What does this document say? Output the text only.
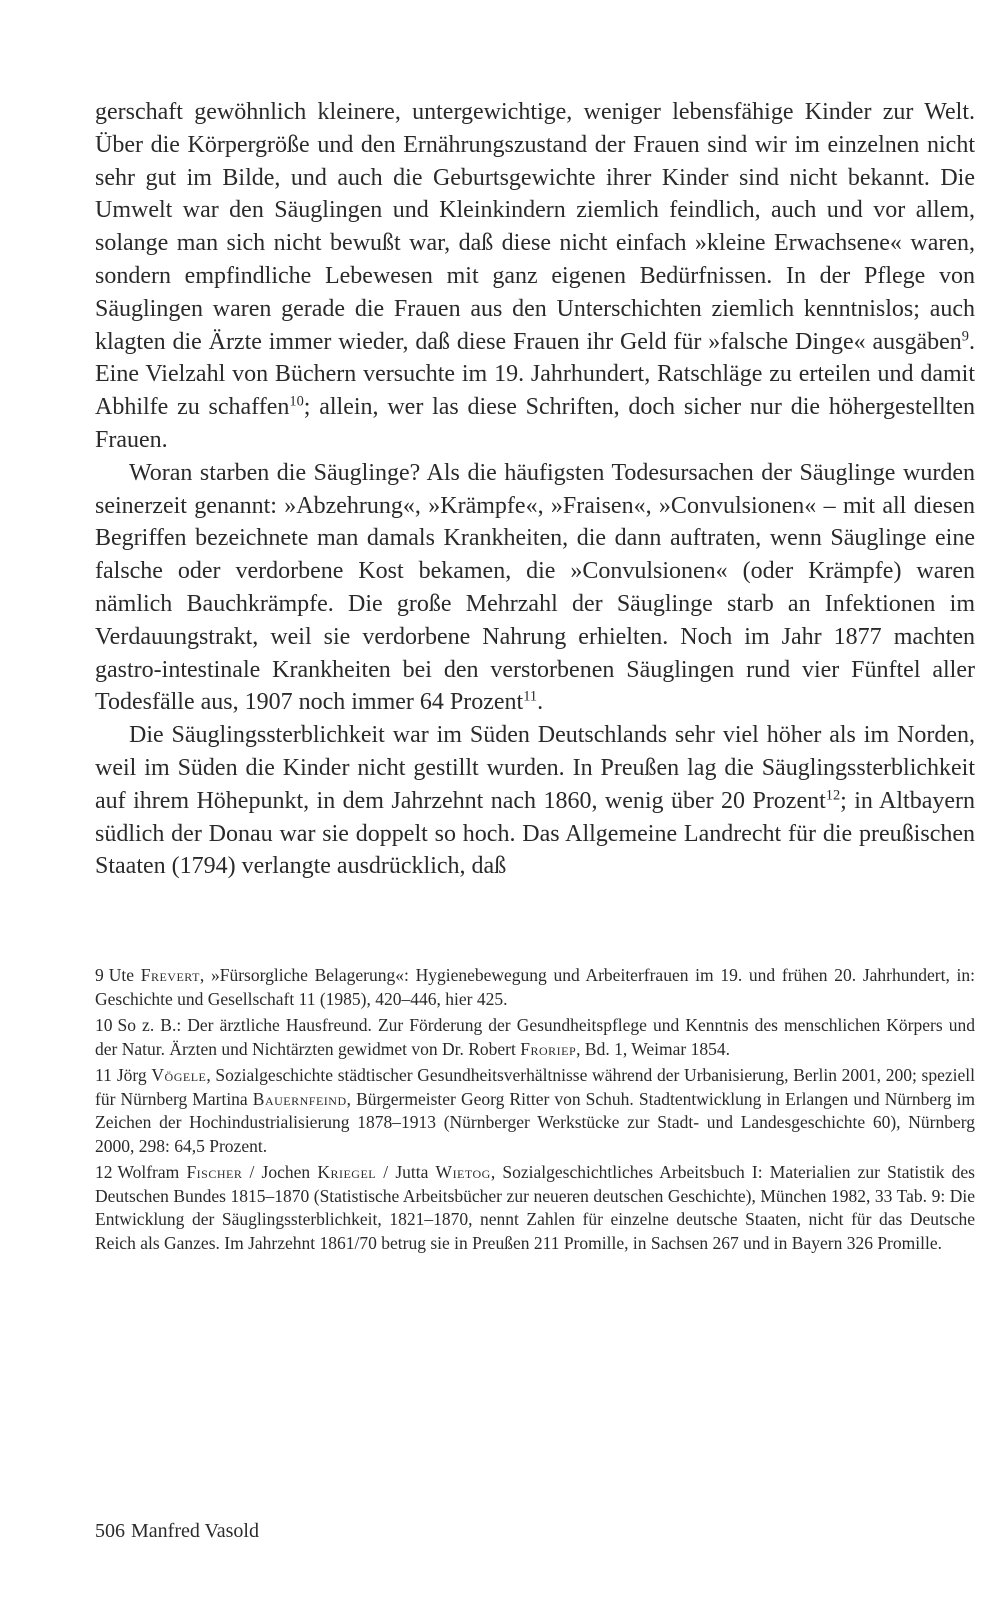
gerschaft gewöhnlich kleinere, untergewichtige, weniger lebensfähige Kinder zur Welt. Über die Körpergröße und den Ernährungszustand der Frauen sind wir im einzelnen nicht sehr gut im Bilde, und auch die Geburtsgewichte ihrer Kinder sind nicht bekannt. Die Umwelt war den Säuglingen und Kleinkindern ziemlich feindlich, auch und vor allem, solange man sich nicht bewußt war, daß diese nicht einfach »kleine Erwachsene« waren, sondern empfindliche Lebewesen mit ganz eigenen Bedürfnissen. In der Pflege von Säuglingen waren gerade die Frauen aus den Unterschichten ziemlich kenntnislos; auch klagten die Ärzte immer wieder, daß diese Frauen ihr Geld für »falsche Dinge« ausgäben$^9$. Eine Vielzahl von Büchern versuchte im 19. Jahrhundert, Ratschläge zu erteilen und damit Abhilfe zu schaffen$^{10}$; allein, wer las diese Schriften, doch sicher nur die höhergestellten Frauen.

Woran starben die Säuglinge? Als die häufigsten Todesursachen der Säuglinge wurden seinerzeit genannt: »Abzehrung«, »Krämpfe«, »Fraisen«, »Convulsionen« – mit all diesen Begriffen bezeichnete man damals Krankheiten, die dann auftraten, wenn Säuglinge eine falsche oder verdorbene Kost bekamen, die »Convulsionen« (oder Krämpfe) waren nämlich Bauchkrämpfe. Die große Mehrzahl der Säuglinge starb an Infektionen im Verdauungstrakt, weil sie verdorbene Nahrung erhielten. Noch im Jahr 1877 machten gastro-intestinale Krankheiten bei den verstorbenen Säuglingen rund vier Fünftel aller Todesfälle aus, 1907 noch immer 64 Prozent$^{11}$.

Die Säuglingssterblichkeit war im Süden Deutschlands sehr viel höher als im Norden, weil im Süden die Kinder nicht gestillt wurden. In Preußen lag die Säuglingssterblichkeit auf ihrem Höhepunkt, in dem Jahrzehnt nach 1860, wenig über 20 Prozent$^{12}$; in Altbayern südlich der Donau war sie doppelt so hoch. Das Allgemeine Landrecht für die preußischen Staaten (1794) verlangte ausdrücklich, daß

9 Ute Frevert, »Fürsorgliche Belagerung«: Hygienebewegung und Arbeiterfrauen im 19. und frühen 20. Jahrhundert, in: Geschichte und Gesellschaft 11 (1985), 420–446, hier 425.

10 So z. B.: Der ärztliche Hausfreund. Zur Förderung der Gesundheitspflege und Kenntnis des menschlichen Körpers und der Natur. Ärzten und Nichtärzten gewidmet von Dr. Robert Froriep, Bd. 1, Weimar 1854.

11 Jörg Vögele, Sozialgeschichte städtischer Gesundheitsverhältnisse während der Urbanisierung, Berlin 2001, 200; speziell für Nürnberg Martina Bauernfeind, Bürgermeister Georg Ritter von Schuh. Stadtentwicklung in Erlangen und Nürnberg im Zeichen der Hochindustrialisierung 1878–1913 (Nürnberger Werkstücke zur Stadt- und Landesgeschichte 60), Nürnberg 2000, 298: 64,5 Prozent.

12 Wolfram Fischer / Jochen Kriegel / Jutta Wietog, Sozialgeschichtliches Arbeitsbuch I: Materialien zur Statistik des Deutschen Bundes 1815–1870 (Statistische Arbeitsbücher zur neueren deutschen Geschichte), München 1982, 33 Tab. 9: Die Entwicklung der Säuglingssterblichkeit, 1821–1870, nennt Zahlen für einzelne deutsche Staaten, nicht für das Deutsche Reich als Ganzes. Im Jahrzehnt 1861/70 betrug sie in Preußen 211 Promille, in Sachsen 267 und in Bayern 326 Promille.

506 Manfred Vasold
